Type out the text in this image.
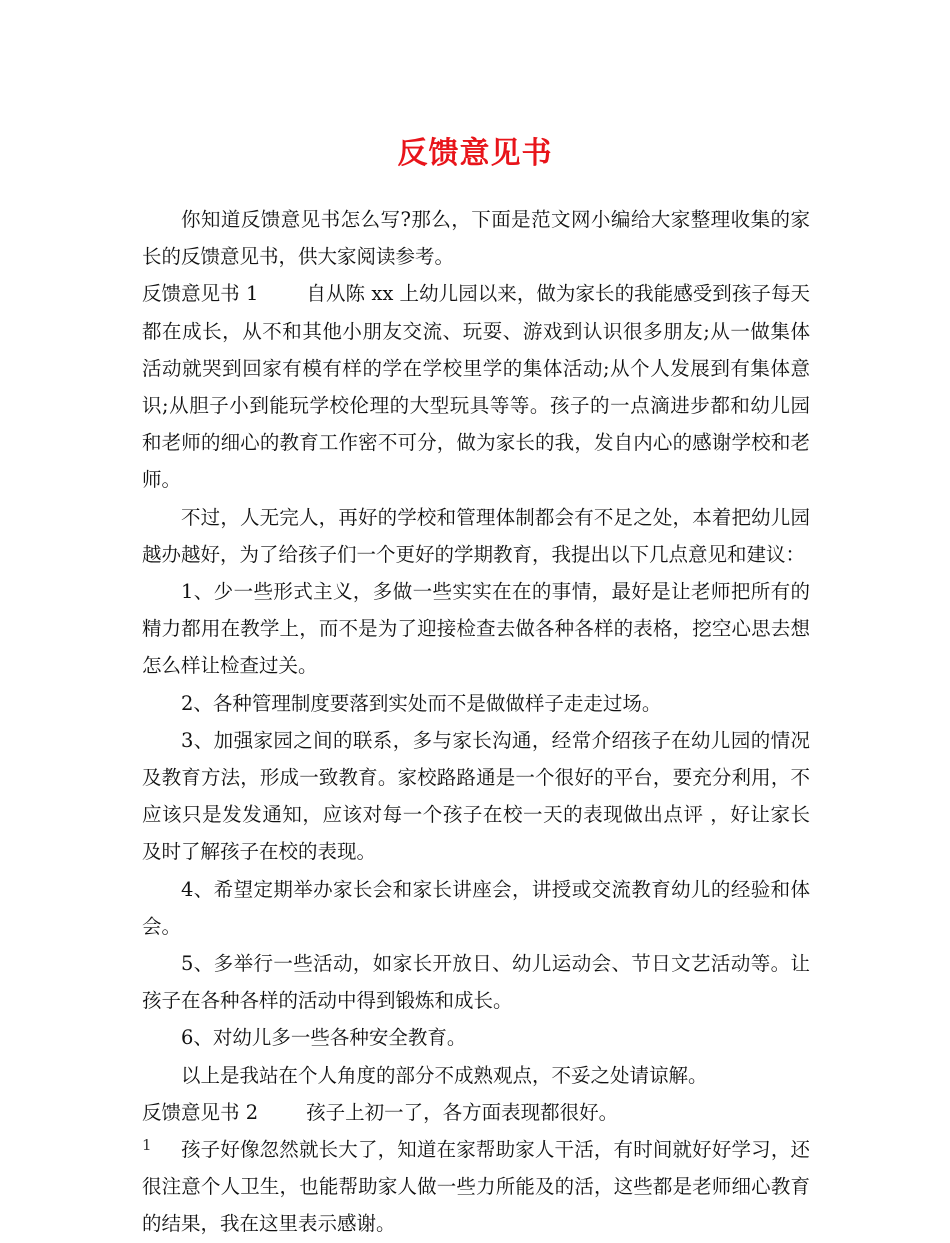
反馈意见书

你知道反馈意见书怎么写?那么，下面是范文网小编给大家整理收集的家长的反馈意见书，供大家阅读参考。

反馈意见书 1 自从陈 xx 上幼儿园以来，做为家长的我能感受到孩子每天都在成长，从不和其他小朋友交流、玩耍、游戏到认识很多朋友;从一做集体活动就哭到回家有模有样的学在学校里学的集体活动;从个人发展到有集体意识;从胆子小到能玩学校伦理的大型玩具等等。孩子的一点滴进步都和幼儿园和老师的细心的教育工作密不可分，做为家长的我，发自内心的感谢学校和老师。

不过，人无完人，再好的学校和管理体制都会有不足之处，本着把幼儿园越办越好，为了给孩子们一个更好的学期教育，我提出以下几点意见和建议：

1、少一些形式主义，多做一些实实在在的事情，最好是让老师把所有的精力都用在教学上，而不是为了迎接检查去做各种各样的表格，挖空心思去想怎么样让检查过关。

2、各种管理制度要落到实处而不是做做样子走走过场。

3、加强家园之间的联系，多与家长沟通，经常介绍孩子在幼儿园的情况及教育方法，形成一致教育。家校路路通是一个很好的平台，要充分利用，不应该只是发发通知，应该对每一个孩子在校一天的表现做出点评 ，好让家长及时了解孩子在校的表现。

4、希望定期举办家长会和家长讲座会，讲授或交流教育幼儿的经验和体会。

5、多举行一些活动，如家长开放日、幼儿运动会、节日文艺活动等。让孩子在各种各样的活动中得到锻炼和成长。

6、对幼儿多一些各种安全教育。

以上是我站在个人角度的部分不成熟观点，不妥之处请谅解。

反馈意见书 2 孩子上初一了，各方面表现都很好。

孩子好像忽然就长大了，知道在家帮助家人干活，有时间就好好学习，还很注意个人卫生，也能帮助家人做一些力所能及的活，这些都是老师细心教育的结果，我在这里表示感谢。

1
